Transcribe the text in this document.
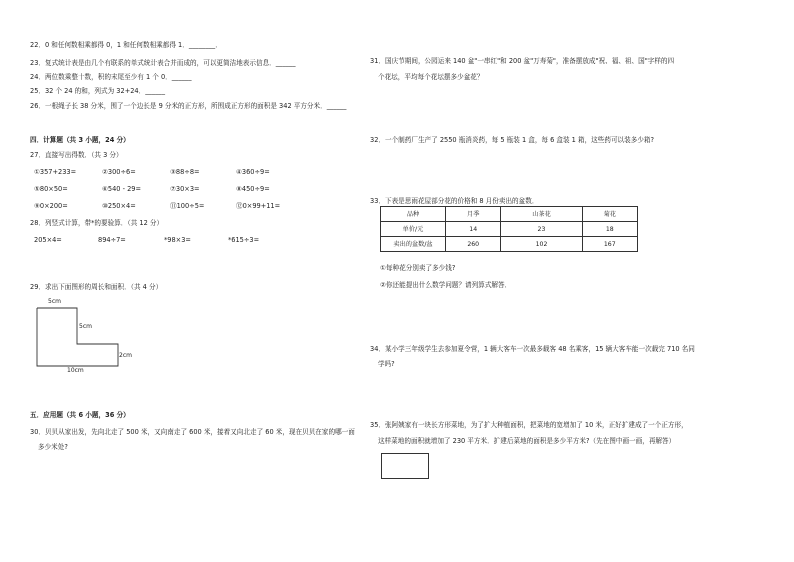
22．0 和任何数相乘都得 0，1 和任何数相乘都得 1．________．
23．复式统计表是由几个有联系的单式统计表合并而成的，可以更简洁地表示信息．______
24．两位数乘整十数，积的末尾至少有 1 个 0．______
25．32 个 24 的和，列式为 32+24．______
26．一根绳子长 38 分米，围了一个边长是 9 分米的正方形，所围成正方形的面积是 342 平方分米．______
四．计算题（共 3 小题，24 分）
27．直接写出得数．（共 3 分）
①357+233=	②300÷6=	③88÷8=	④360÷9=
⑤80×50=	⑥540 - 29=	⑦30×3=	⑧450÷9=
⑨0×200=	⑩250×4=	⑪100÷5=	⑫0×99+11=
28．列竖式计算，带*的要验算．（共 12 分）
205×4=	894÷7=	*98×3=	*615÷3=
29．求出下面图形的周长和面积．（共 4 分）
5cm
5cm
2cm
10cm
五．应用题（共 6 小题，36 分）
30．贝贝从家出发，先向北走了 500 米，又向南走了 600 米，接着又向北走了 60 米，现在贝贝在家的哪一面
多少米处?
31．国庆节期间，公园运来 140 盆"一串红"和 200 盆"万寿菊"，准备摆放成"祝、福、祖、国"字样的四
个花坛，平均每个花坛摆多少盆花？
32．一个制药厂生产了 2550 瓶消炎药，每 5 瓶装 1 盒，每 6 盒装 1 箱，这些药可以装多少箱?
33．下表是思雨花屋部分花的价格和 8 月份卖出的盆数．
品种	月季	山茶花	菊花
单价/元	14	23	18
卖出的盆数/盆	260	102	167
①每种花分别卖了多少钱?
②你还能提出什么数学问题？请列算式解答．
34．某小学三年级学生去参加夏令营，1 辆大客车一次最多载客 48 名乘客，15 辆大客车能一次载完 710 名同
学吗?
35．张阿姨家有一块长方形菜地，为了扩大种植面积，把菜地的宽增加了 10 米，正好扩建成了一个正方形，
这样菜地的面积就增加了 230 平方米．扩建后菜地的面积是多少平方米?（先在图中画一画，再解答）
